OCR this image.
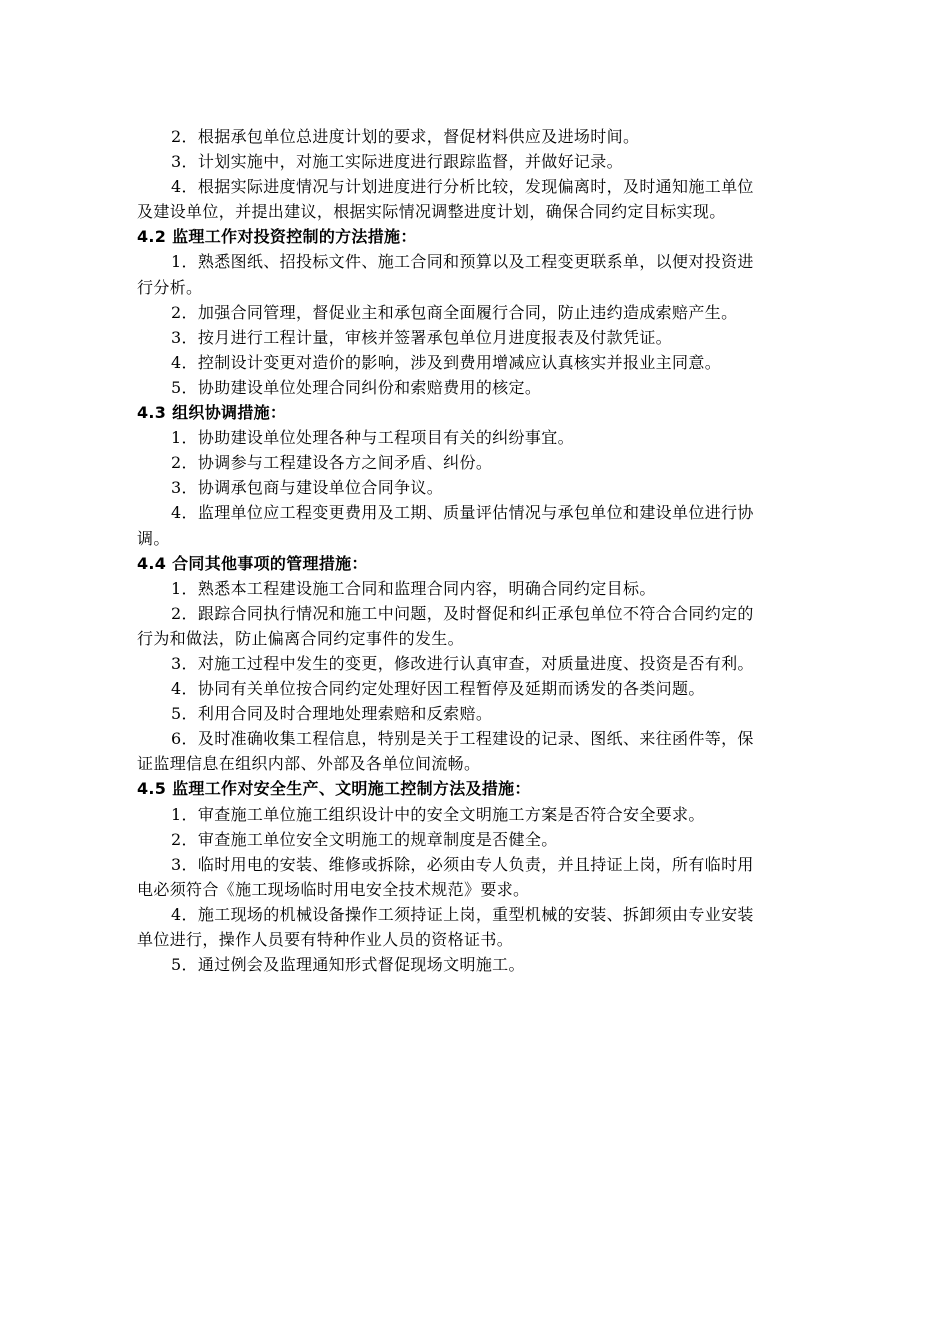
2．根据承包单位总进度计划的要求，督促材料供应及进场时间。
3．计划实施中，对施工实际进度进行跟踪监督，并做好记录。
4．根据实际进度情况与计划进度进行分析比较，发现偏离时，及时通知施工单位
及建设单位，并提出建议，根据实际情况调整进度计划，确保合同约定目标实现。
4.2 监理工作对投资控制的方法措施：
1．熟悉图纸、招投标文件、施工合同和预算以及工程变更联系单，以便对投资进
行分析。
2．加强合同管理，督促业主和承包商全面履行合同，防止违约造成索赔产生。
3．按月进行工程计量，审核并签署承包单位月进度报表及付款凭证。
4．控制设计变更对造价的影响，涉及到费用增减应认真核实并报业主同意。
5．协助建设单位处理合同纠份和索赔费用的核定。
4.3 组织协调措施：
1．协助建设单位处理各种与工程项目有关的纠纷事宜。
2．协调参与工程建设各方之间矛盾、纠份。
3．协调承包商与建设单位合同争议。
4．监理单位应工程变更费用及工期、质量评估情况与承包单位和建设单位进行协
调。
4.4 合同其他事项的管理措施：
1．熟悉本工程建设施工合同和监理合同内容，明确合同约定目标。
2．跟踪合同执行情况和施工中问题，及时督促和纠正承包单位不符合合同约定的
行为和做法，防止偏离合同约定事件的发生。
3．对施工过程中发生的变更，修改进行认真审查，对质量进度、投资是否有利。
4．协同有关单位按合同约定处理好因工程暂停及延期而诱发的各类问题。
5．利用合同及时合理地处理索赔和反索赔。
6．及时准确收集工程信息，特别是关于工程建设的记录、图纸、来往函件等，保
证监理信息在组织内部、外部及各单位间流畅。
4.5 监理工作对安全生产、文明施工控制方法及措施：
1．审查施工单位施工组织设计中的安全文明施工方案是否符合安全要求。
2．审查施工单位安全文明施工的规章制度是否健全。
3．临时用电的安装、维修或拆除，必须由专人负责，并且持证上岗，所有临时用
电必须符合《施工现场临时用电安全技术规范》要求。
4．施工现场的机械设备操作工须持证上岗，重型机械的安装、拆卸须由专业安装
单位进行，操作人员要有特种作业人员的资格证书。
5．通过例会及监理通知形式督促现场文明施工。
